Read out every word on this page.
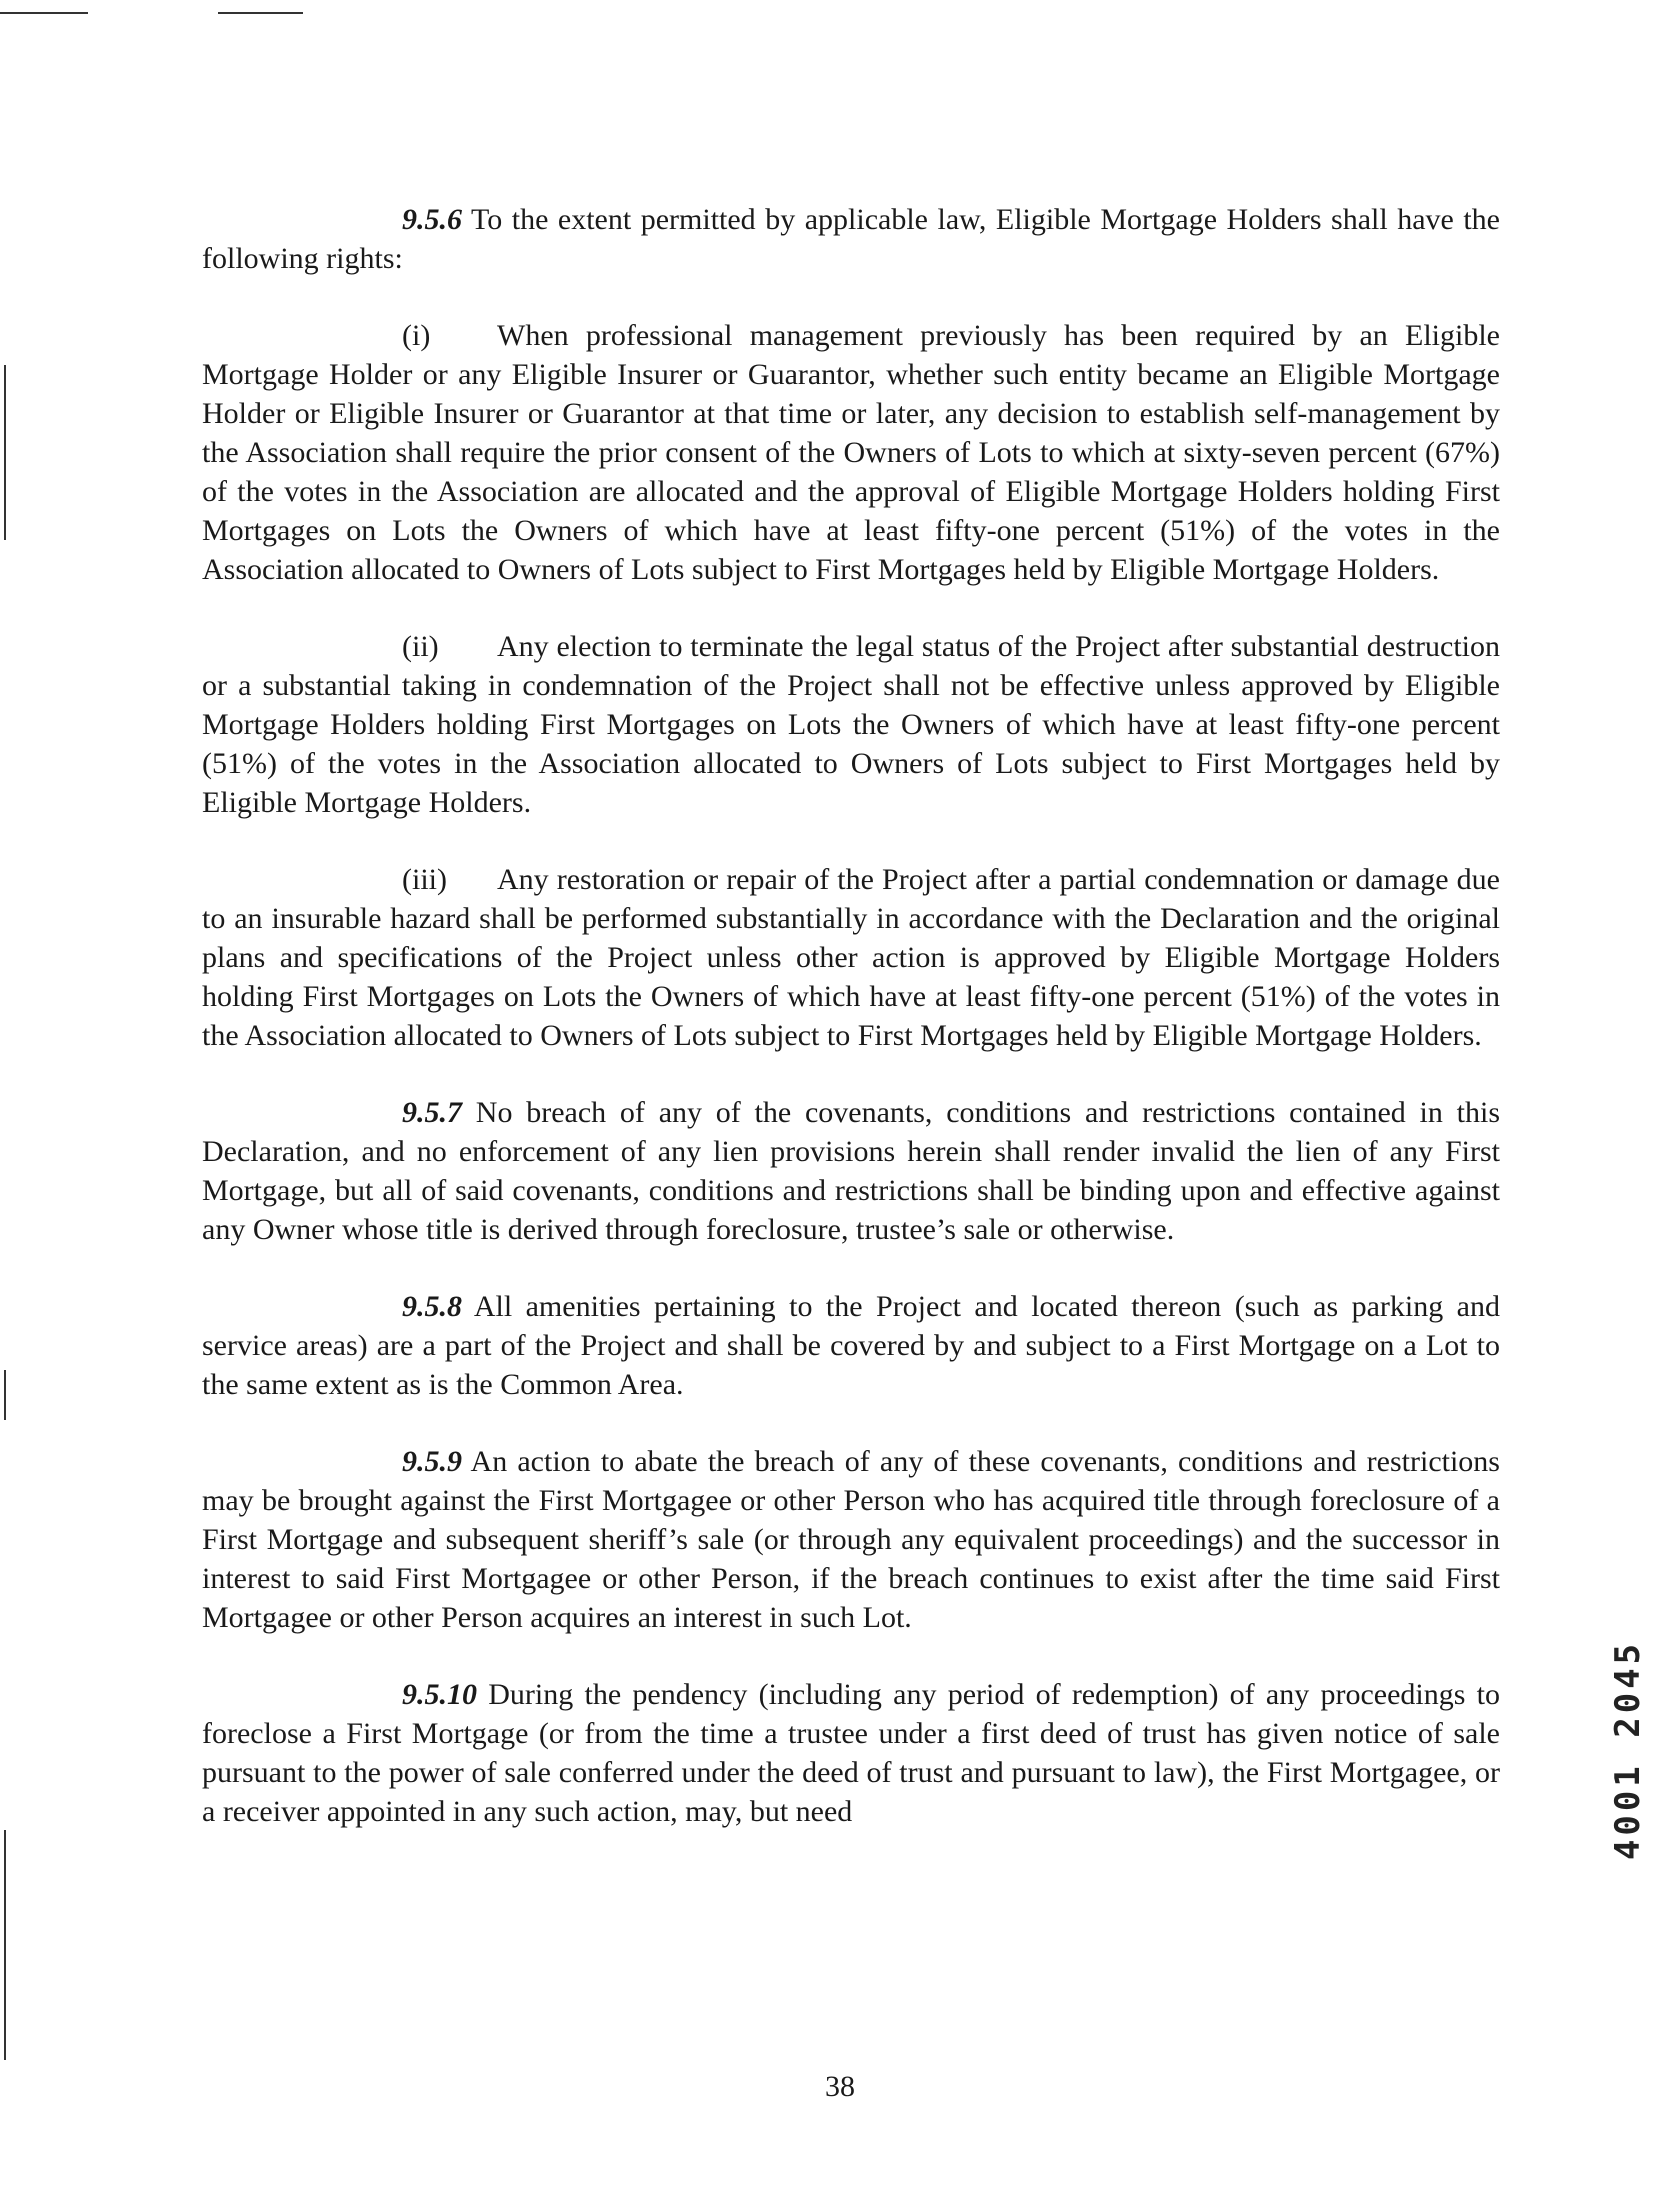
9.5.6 To the extent permitted by applicable law, Eligible Mortgage Holders shall have the following rights:

(i) When professional management previously has been required by an Eligible Mortgage Holder or any Eligible Insurer or Guarantor, whether such entity became an Eligible Mortgage Holder or Eligible Insurer or Guarantor at that time or later, any decision to establish self-management by the Association shall require the prior consent of the Owners of Lots to which at sixty-seven percent (67%) of the votes in the Association are allocated and the approval of Eligible Mortgage Holders holding First Mortgages on Lots the Owners of which have at least fifty-one percent (51%) of the votes in the Association allocated to Owners of Lots subject to First Mortgages held by Eligible Mortgage Holders.

(ii) Any election to terminate the legal status of the Project after substantial destruction or a substantial taking in condemnation of the Project shall not be effective unless approved by Eligible Mortgage Holders holding First Mortgages on Lots the Owners of which have at least fifty-one percent (51%) of the votes in the Association allocated to Owners of Lots subject to First Mortgages held by Eligible Mortgage Holders.

(iii) Any restoration or repair of the Project after a partial condemnation or damage due to an insurable hazard shall be performed substantially in accordance with the Declaration and the original plans and specifications of the Project unless other action is approved by Eligible Mortgage Holders holding First Mortgages on Lots the Owners of which have at least fifty-one percent (51%) of the votes in the Association allocated to Owners of Lots subject to First Mortgages held by Eligible Mortgage Holders.

9.5.7 No breach of any of the covenants, conditions and restrictions contained in this Declaration, and no enforcement of any lien provisions herein shall render invalid the lien of any First Mortgage, but all of said covenants, conditions and restrictions shall be binding upon and effective against any Owner whose title is derived through foreclosure, trustee’s sale or otherwise.

9.5.8 All amenities pertaining to the Project and located thereon (such as parking and service areas) are a part of the Project and shall be covered by and subject to a First Mortgage on a Lot to the same extent as is the Common Area.

9.5.9 An action to abate the breach of any of these covenants, conditions and restrictions may be brought against the First Mortgagee or other Person who has acquired title through foreclosure of a First Mortgage and subsequent sheriff’s sale (or through any equivalent proceedings) and the successor in interest to said First Mortgagee or other Person, if the breach continues to exist after the time said First Mortgagee or other Person acquires an interest in such Lot.

9.5.10 During the pendency (including any period of redemption) of any proceedings to foreclose a First Mortgage (or from the time a trustee under a first deed of trust has given notice of sale pursuant to the power of sale conferred under the deed of trust and pursuant to law), the First Mortgagee, or a receiver appointed in any such action, may, but need	4001 2045
38
